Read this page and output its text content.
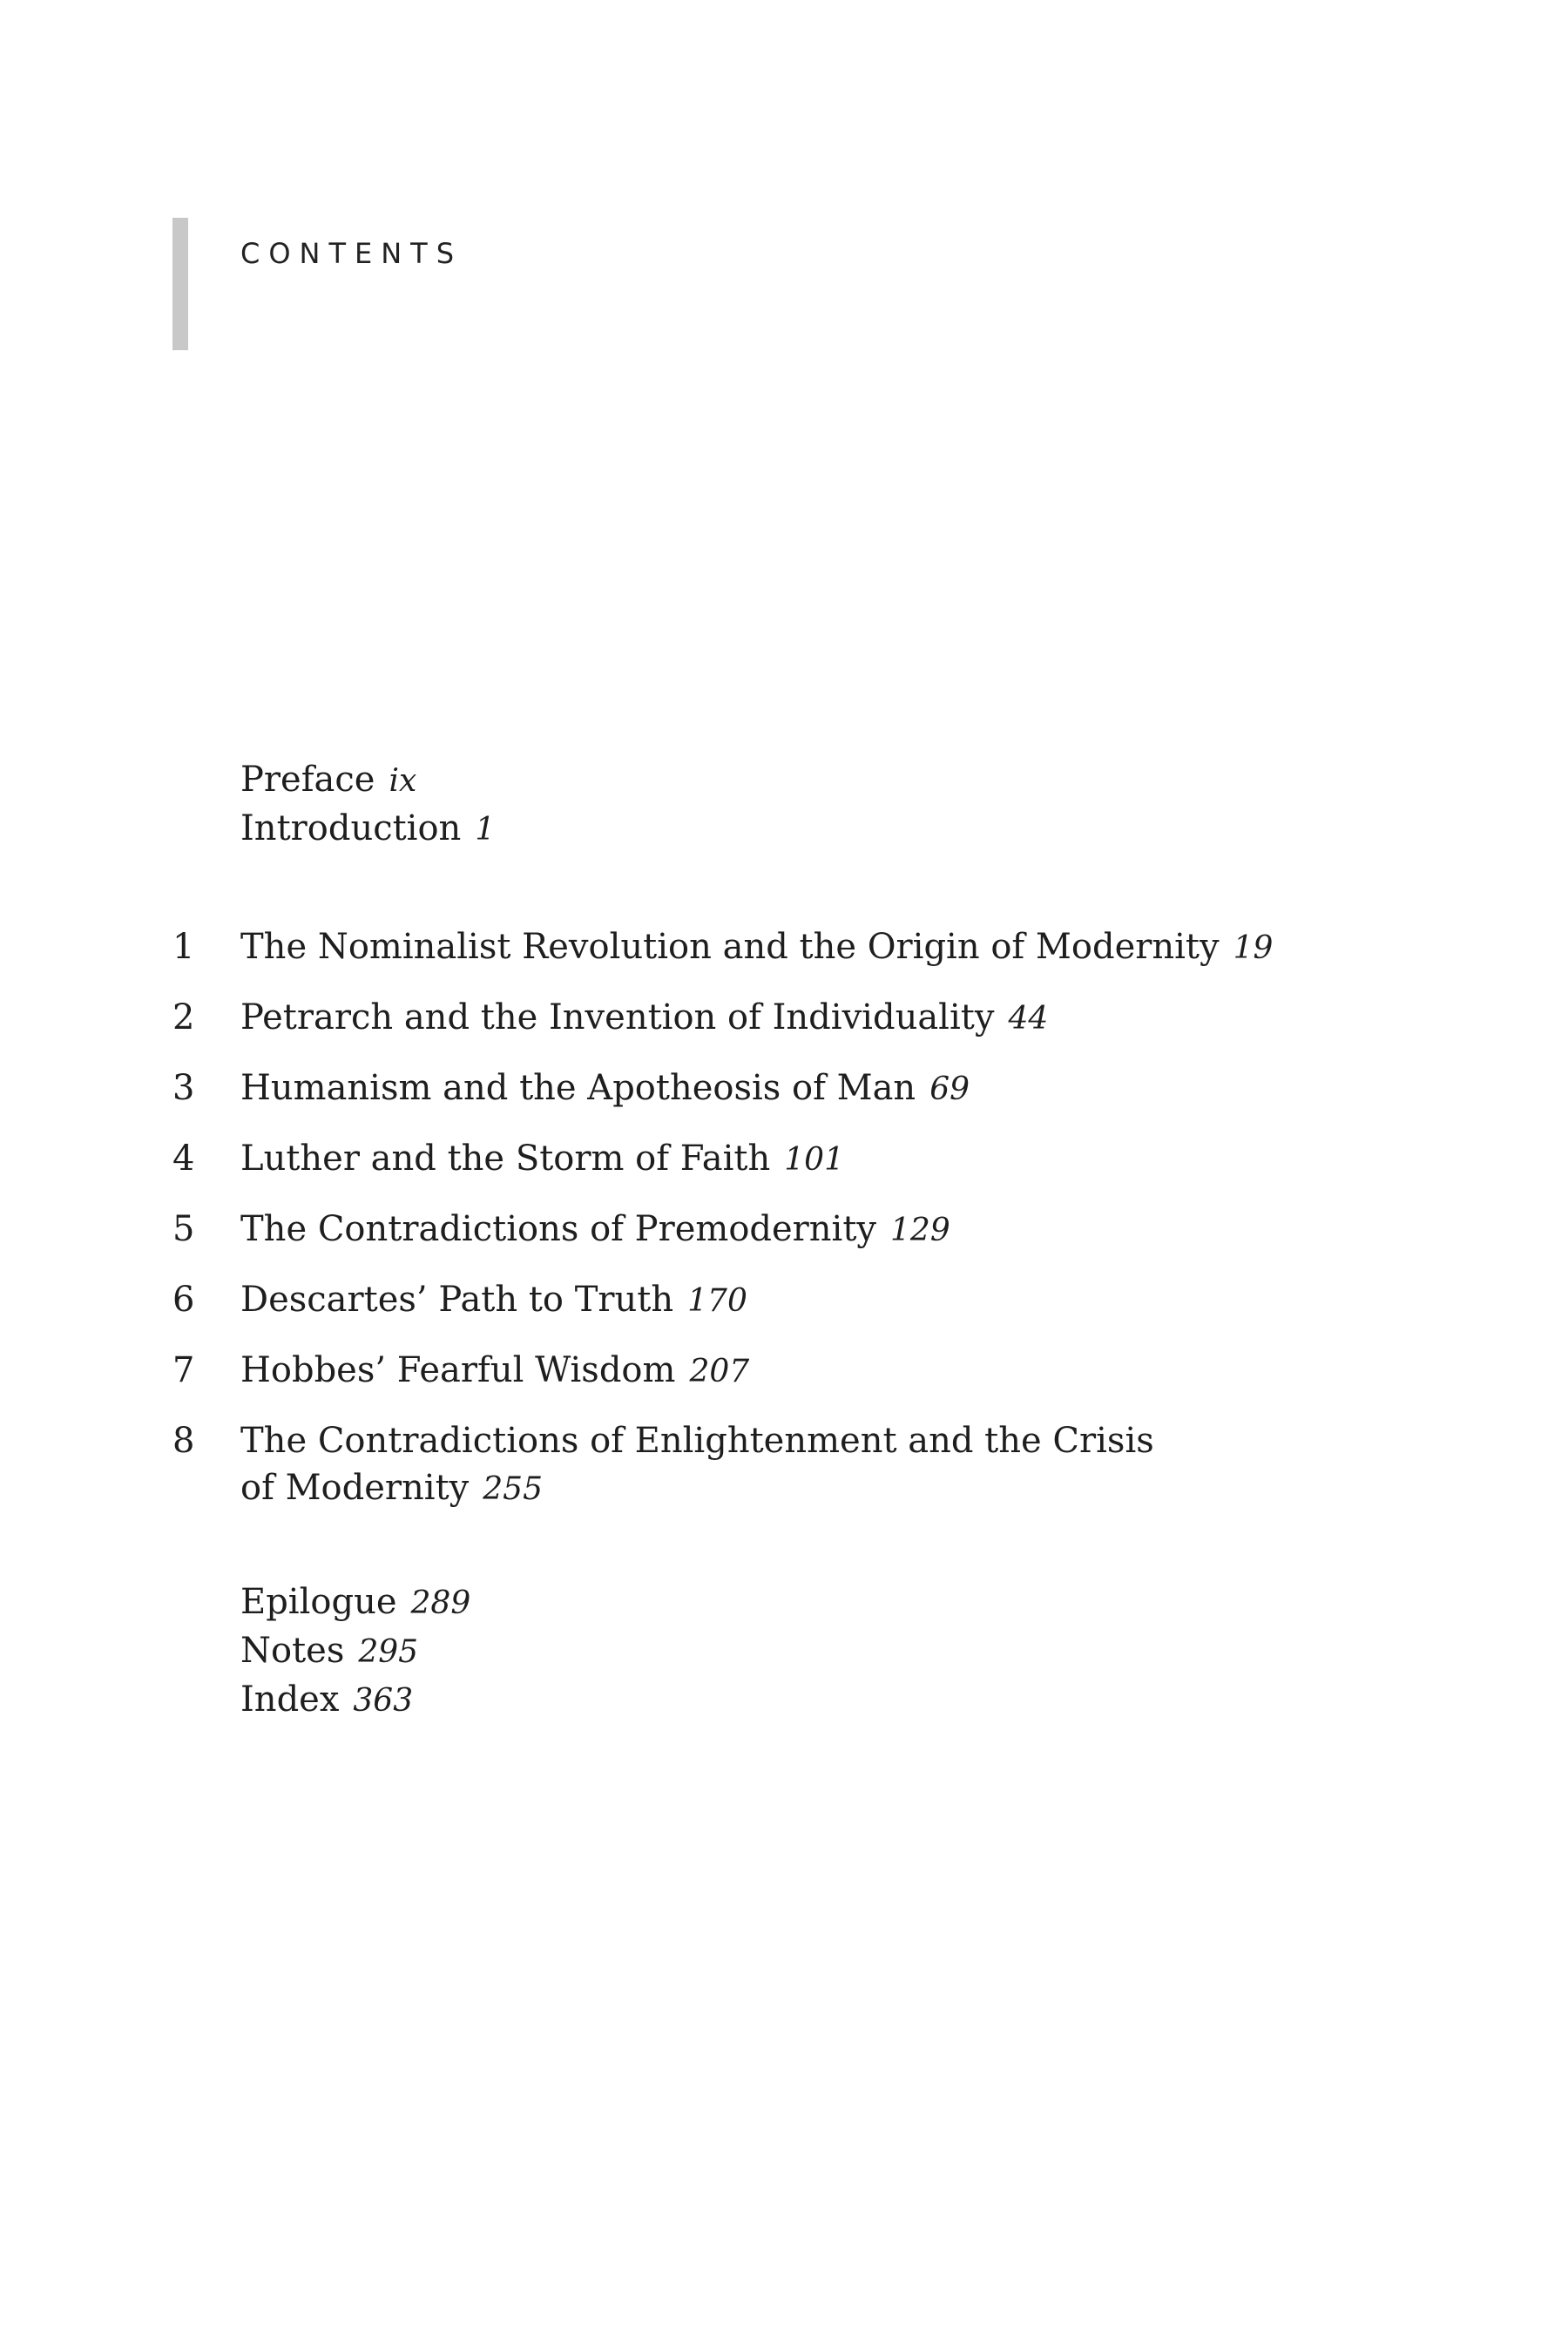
CONTENTS
Preface ix
Introduction 1
1	The Nominalist Revolution and the Origin of Modernity 19
2	Petrarch and the Invention of Individuality 44
3	Humanism and the Apotheosis of Man 69
4	Luther and the Storm of Faith 101
5	The Contradictions of Premodernity 129
6	Descartes’ Path to Truth 170
7	Hobbes’ Fearful Wisdom 207
8	The Contradictions of Enlightenment and the Crisis
of Modernity 255
Epilogue 289
Notes 295
Index 363
